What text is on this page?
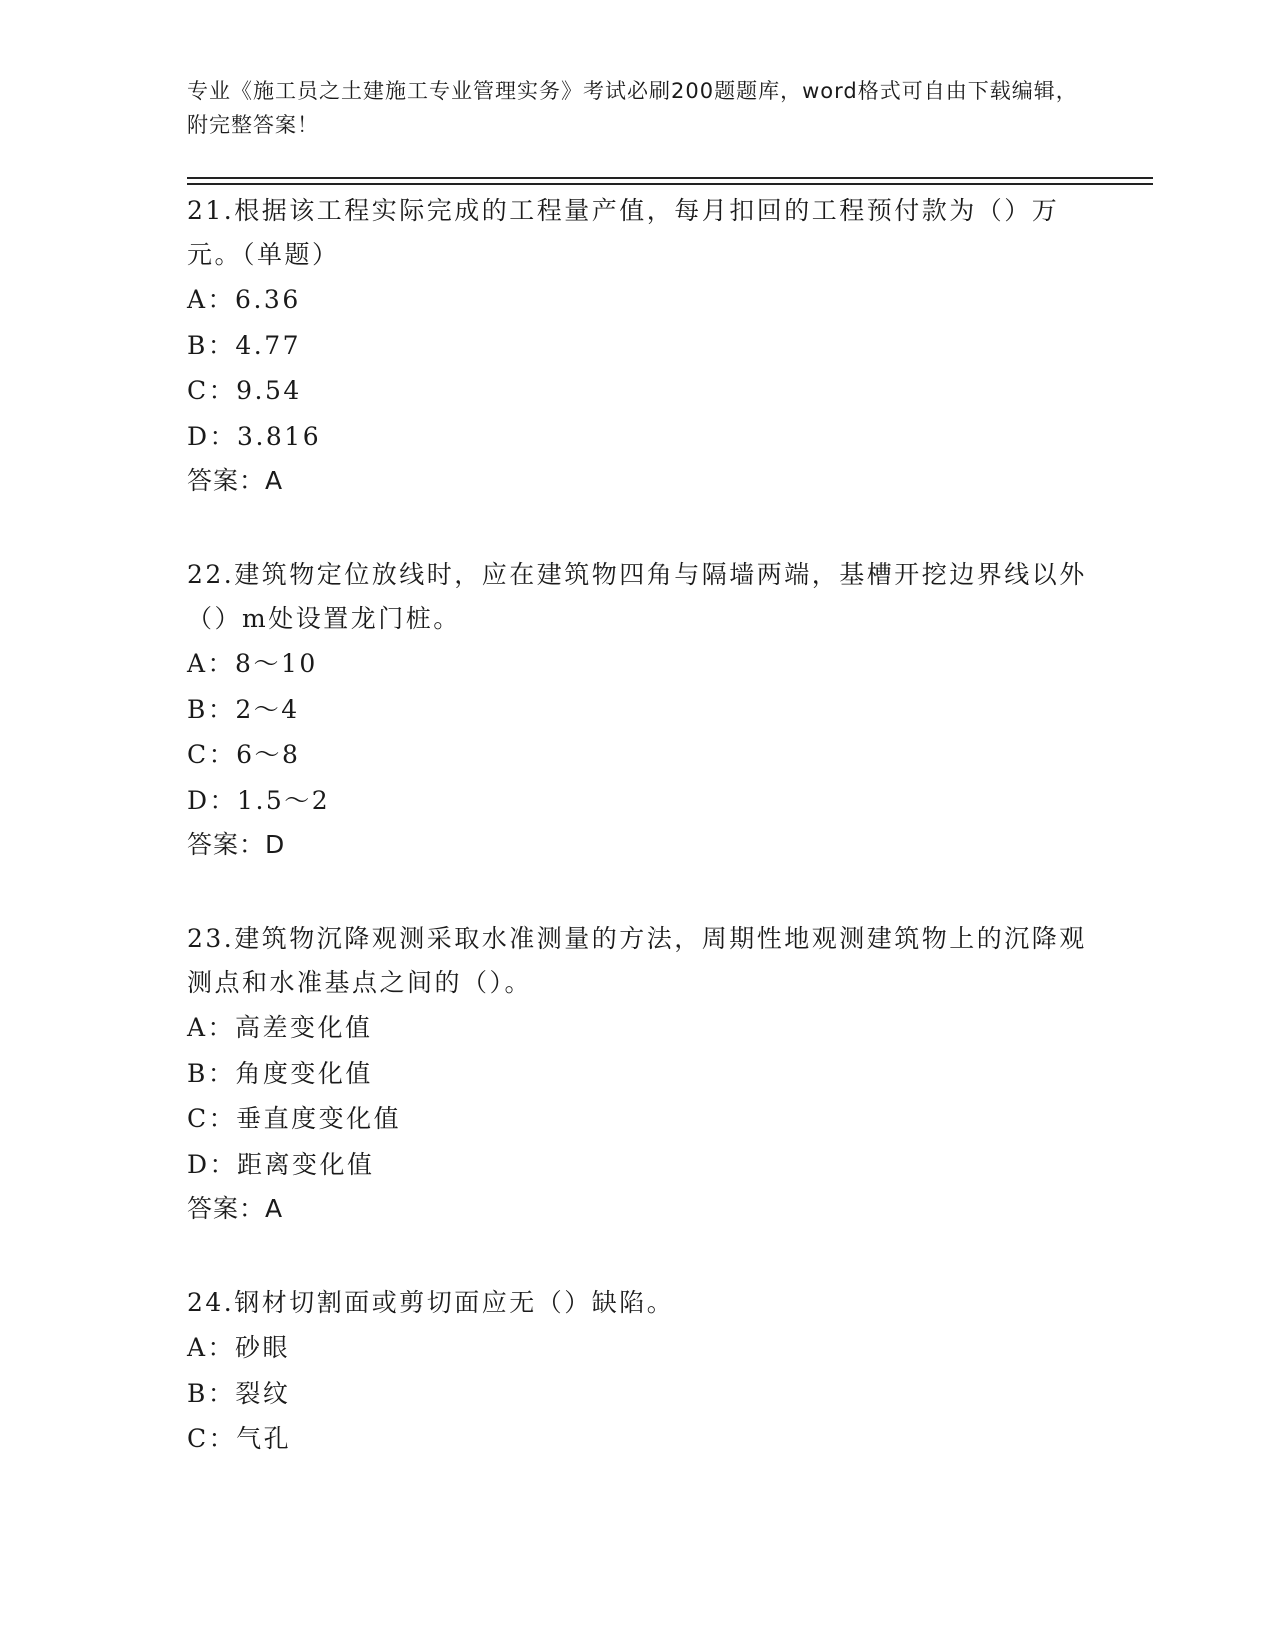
专业《施工员之土建施工专业管理实务》考试必刷200题题库，word格式可自由下载编辑，附完整答案！

21.根据该工程实际完成的工程量产值，每月扣回的工程预付款为（）万元。（单题）

A：6.36

B：4.77

C：9.54

D：3.816

答案：A

22.建筑物定位放线时，应在建筑物四角与隔墙两端，基槽开挖边界线以外（）m处设置龙门桩。

A：8～10

B：2～4

C：6～8

D：1.5～2

答案：D

23.建筑物沉降观测采取水准测量的方法，周期性地观测建筑物上的沉降观测点和水准基点之间的（）。

A：高差变化值

B：角度变化值

C：垂直度变化值

D：距离变化值

答案：A

24.钢材切割面或剪切面应无（）缺陷。

A：砂眼

B：裂纹

C：气孔
